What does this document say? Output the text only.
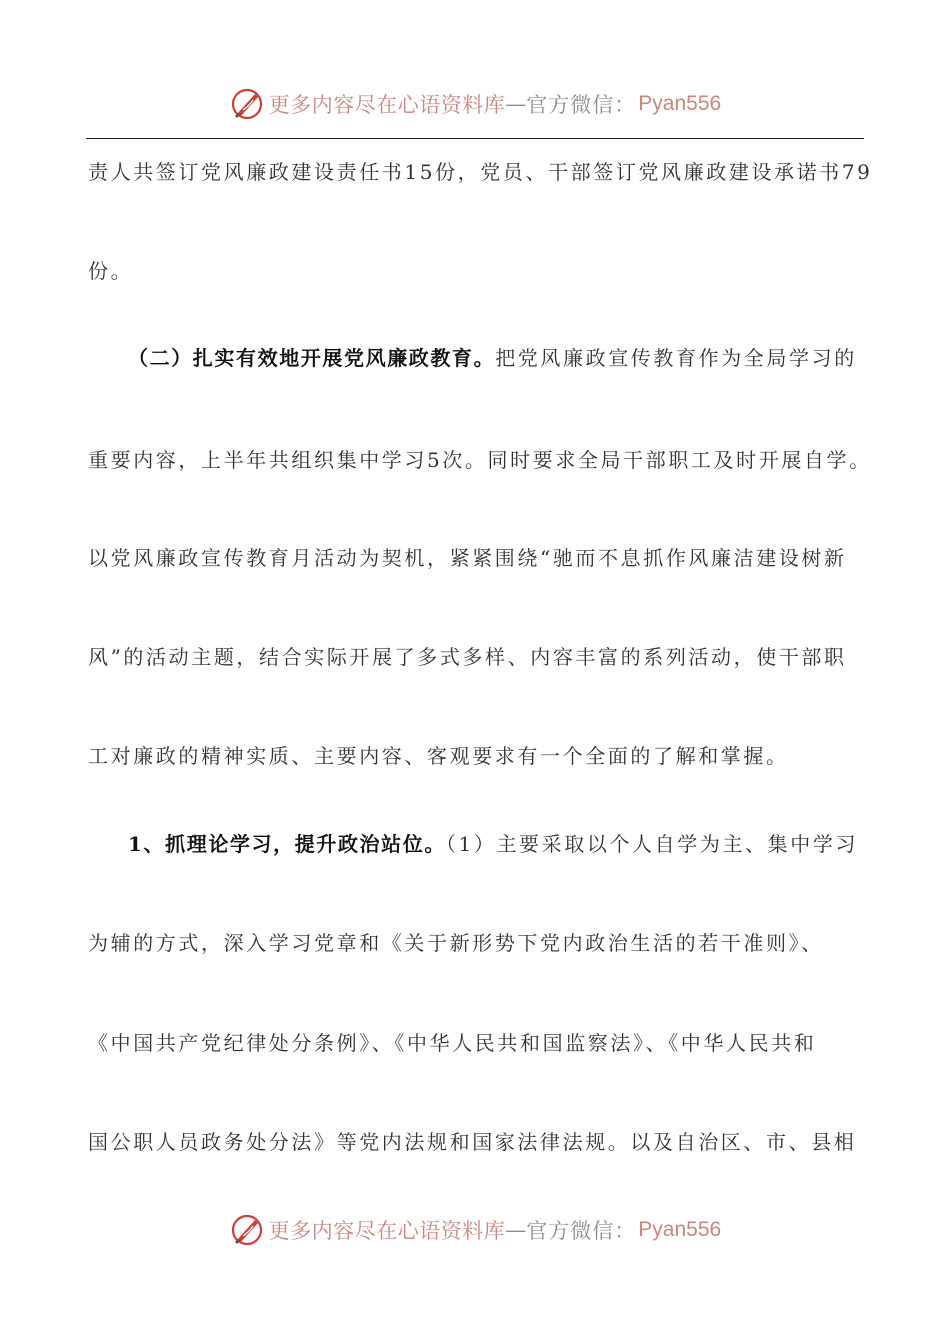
更多内容尽在心语资料库 — 官方微信： Pyan556
责人共签订党风廉政建设责任书15份，党员、干部签订党风廉政建设承诺书79
份。
（二）扎实有效地开展党风廉政教育。把党风廉政宣传教育作为全局学习的
重要内容，上半年共组织集中学习5次。同时要求全局干部职工及时开展自学。
以党风廉政宣传教育月活动为契机，紧紧围绕“驰而不息抓作风廉洁建设树新
风”的活动主题，结合实际开展了多式多样、内容丰富的系列活动，使干部职
工对廉政的精神实质、主要内容、客观要求有一个全面的了解和掌握。
1、抓理论学习，提升政治站位。（1）主要采取以个人自学为主、集中学习
为辅的方式，深入学习党章和《关于新形势下党内政治生活的若干准则》、
《中国共产党纪律处分条例》、《中华人民共和国监察法》、《中华人民共和
国公职人员政务处分法》等党内法规和国家法律法规。以及自治区、市、县相
更多内容尽在心语资料库 — 官方微信： Pyan556
